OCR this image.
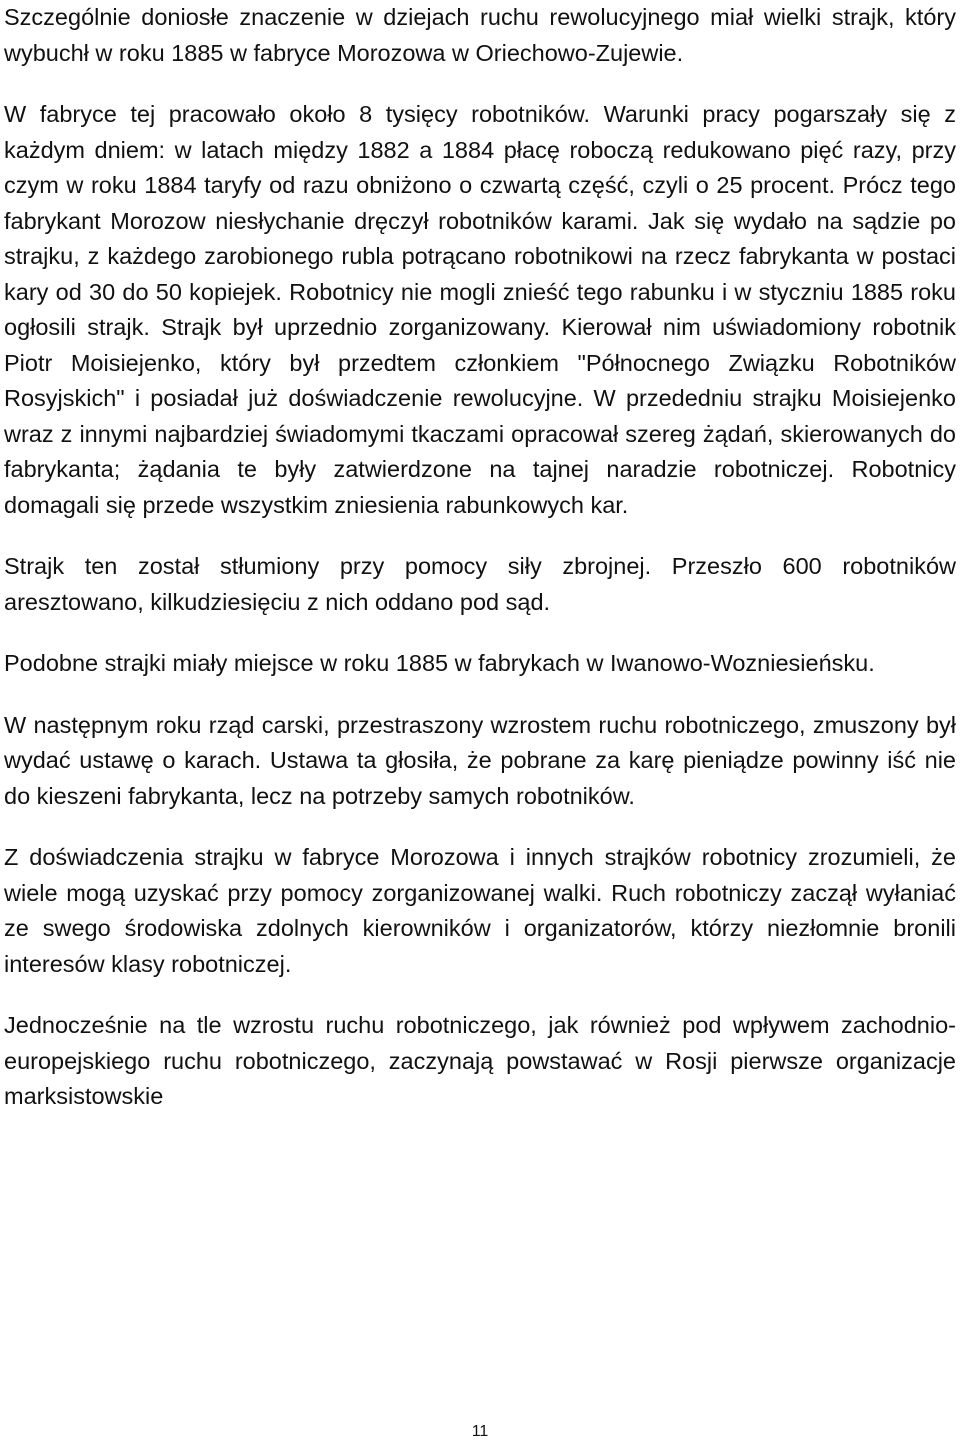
Szczególnie doniosłe znaczenie w dziejach ruchu rewolucyjnego miał wielki strajk, który wybuchł w roku 1885 w fabryce Morozowa w Oriechowo-Zujewie.

W fabryce tej pracowało około 8 tysięcy robotników. Warunki pracy pogarszały się z każdym dniem: w latach między 1882 a 1884 płacę roboczą redukowano pięć razy, przy czym w roku 1884 taryfy od razu obniżono o czwartą część, czyli o 25 procent. Prócz tego fabrykant Morozow niesłychanie dręczył robotników karami. Jak się wydało na sądzie po strajku, z każdego zarobionego rubla potrącano robotnikowi na rzecz fabrykanta w postaci kary od 30 do 50 kopiejek. Robotnicy nie mogli znieść tego rabunku i w styczniu 1885 roku ogłosili strajk. Strajk był uprzednio zorganizowany. Kierował nim uświadomiony robotnik Piotr Moisiejenko, który był przedtem członkiem "Północnego Związku Robotników Rosyjskich" i posiadał już doświadczenie rewolucyjne. W przededniu strajku Moisiejenko wraz z innymi najbardziej świadomymi tkaczami opracował szereg żądań, skierowanych do fabrykanta; żądania te były zatwierdzone na tajnej naradzie robotniczej. Robotnicy domagali się przede wszystkim zniesienia rabunkowych kar.

Strajk ten został stłumiony przy pomocy siły zbrojnej. Przeszło 600 robotników aresztowano, kilkudziesięciu z nich oddano pod sąd.

Podobne strajki miały miejsce w roku 1885 w fabrykach w Iwanowo-Wozniesieńsku.

W następnym roku rząd carski, przestraszony wzrostem ruchu robotniczego, zmuszony był wydać ustawę o karach. Ustawa ta głosiła, że pobrane za karę pieniądze powinny iść nie do kieszeni fabrykanta, lecz na potrzeby samych robotników.

Z doświadczenia strajku w fabryce Morozowa i innych strajków robotnicy zrozumieli, że wiele mogą uzyskać przy pomocy zorganizowanej walki. Ruch robotniczy zaczął wyłaniać ze swego środowiska zdolnych kierowników i organizatorów, którzy niezłomnie bronili interesów klasy robotniczej.

Jednocześnie na tle wzrostu ruchu robotniczego, jak również pod wpływem zachodnio-europejskiego ruchu robotniczego, zaczynają powstawać w Rosji pierwsze organizacje marksistowskie

11
